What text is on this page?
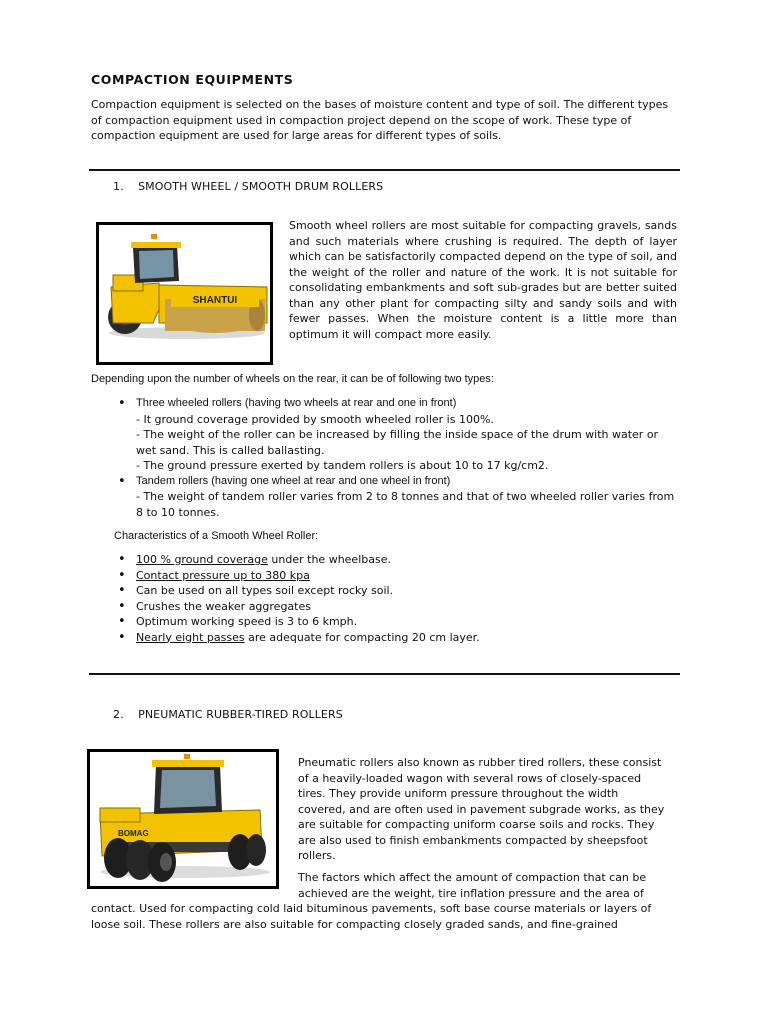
COMPACTION EQUIPMENTS
Compaction equipment is selected on the bases of moisture content and type of soil. The different types of compaction equipment used in compaction project depend on the scope of work. These type of compaction equipment are used for large areas for different types of soils.
1.    SMOOTH WHEEL / SMOOTH DRUM ROLLERS
SHANTUI
Smooth wheel rollers are most suitable for compacting gravels, sands and such materials where crushing is required. The depth of layer which can be satisfactorily compacted depend on the type of soil, and the weight of the roller and nature of the work. It is not suitable for consolidating embankments and soft sub-grades but are better suited than any other plant for compacting silty and sandy soils and with fewer passes. When the moisture content is a little more than optimum it will compact more easily.
Depending upon the number of wheels on the rear, it can be of following two types:
• Three wheeled rollers (having two wheels at rear and one in front)
- It ground coverage provided by smooth wheeled roller is 100%.
- The weight of the roller can be increased by filling the inside space of the drum with water or wet sand. This is called ballasting.
- The ground pressure exerted by tandem rollers is about 10 to 17 kg/cm2.
• Tandem rollers (having one wheel at rear and one wheel in front)
- The weight of tandem roller varies from 2 to 8 tonnes and that of two wheeled roller varies from 8 to 10 tonnes.
Characteristics of a Smooth Wheel Roller:
• 100 % ground coverage under the wheelbase.
• Contact pressure up to 380 kpa
• Can be used on all types soil except rocky soil.
• Crushes the weaker aggregates
• Optimum working speed is 3 to 6 kmph.
• Nearly eight passes are adequate for compacting 20 cm layer.
2.    PNEUMATIC RUBBER-TIRED ROLLERS
BOMAG
Pneumatic rollers also known as rubber tired rollers, these consist of a heavily-loaded wagon with several rows of closely-spaced tires. They provide uniform pressure throughout the width covered, and are often used in pavement subgrade works, as they are suitable for compacting uniform coarse soils and rocks. They are also used to finish embankments compacted by sheepsfoot rollers.
The factors which affect the amount of compaction that can be achieved are the weight, tire inflation pressure and the area of
contact. Used for compacting cold laid bituminous pavements, soft base course materials or layers of loose soil. These rollers are also suitable for compacting closely graded sands, and fine-grained
